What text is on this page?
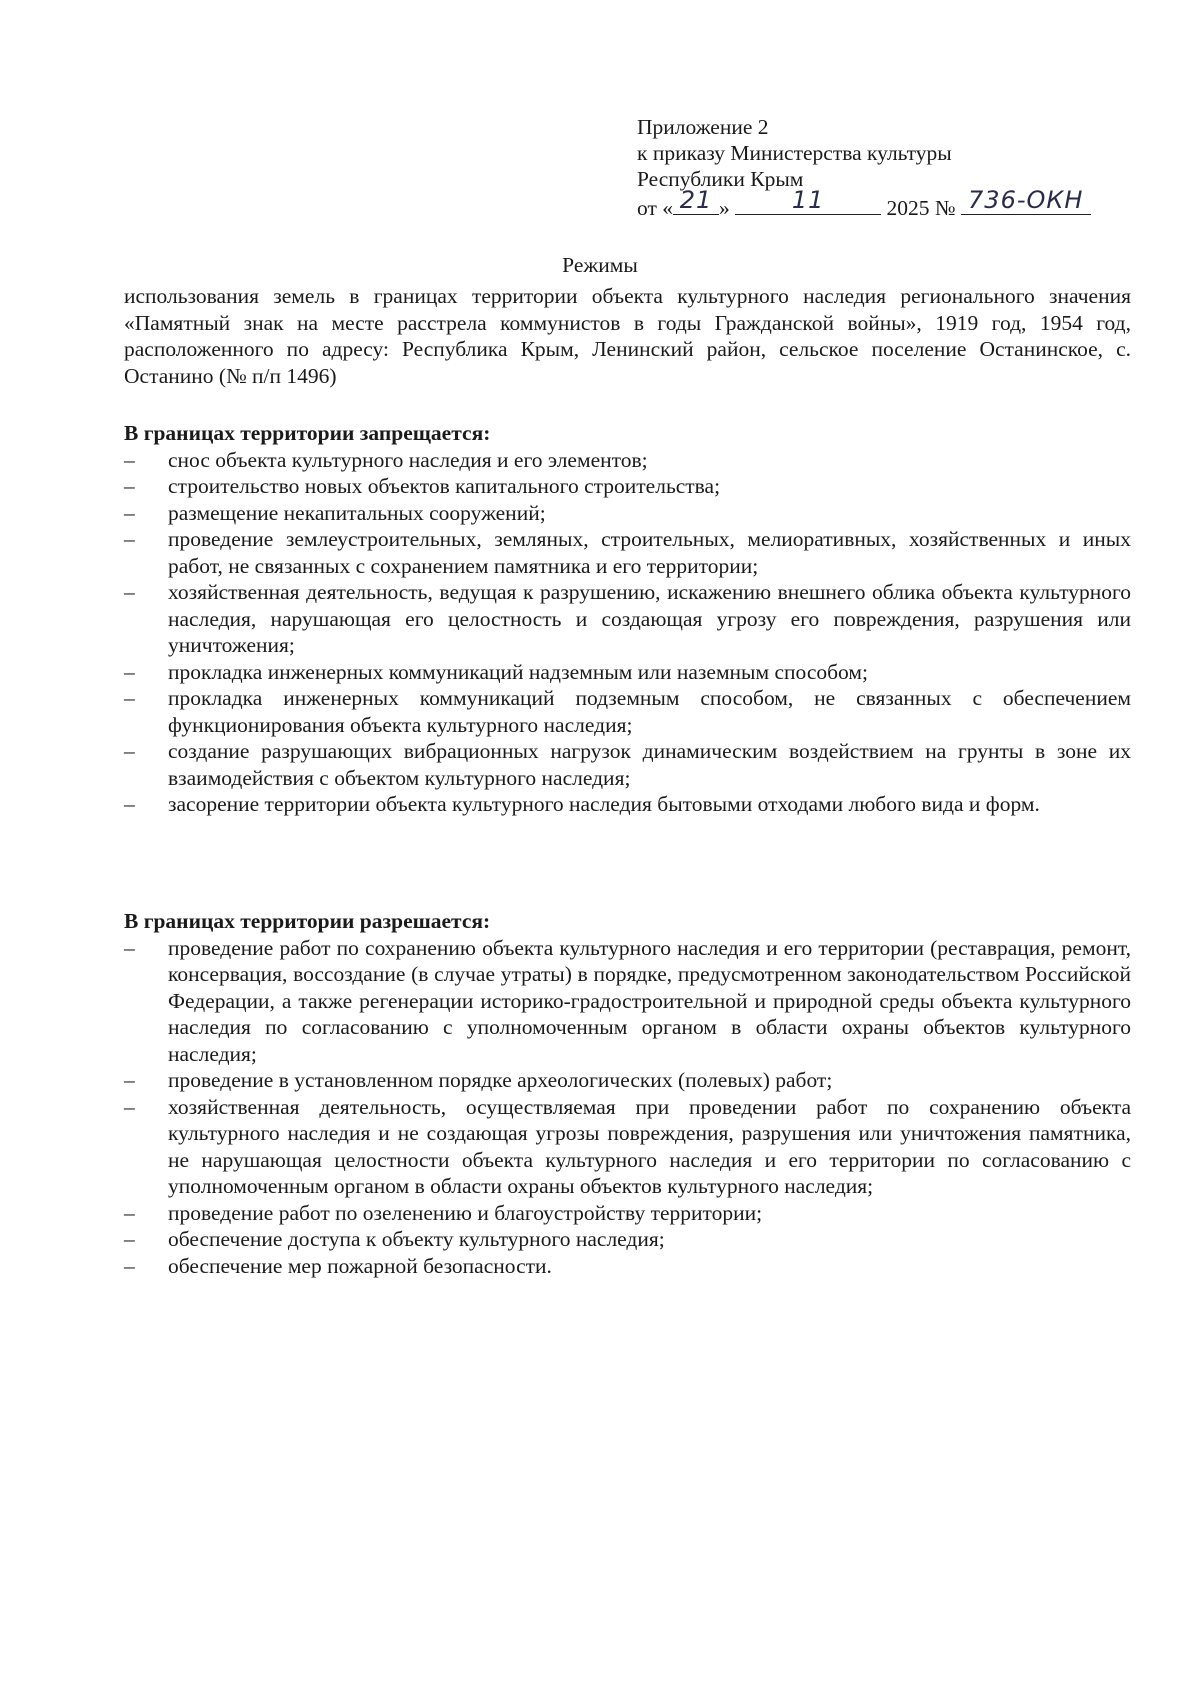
Приложение 2
к приказу Министерства культуры
Республики Крым
от « 21 »	11	2025 № 736-ОКН
Режимы
использования земель в границах территории объекта культурного наследия регионального значения «Памятный знак на месте расстрела коммунистов в годы Гражданской войны», 1919 год, 1954 год, расположенного по адресу: Республика Крым, Ленинский район, сельское поселение Останинское, с. Останино (№ п/п 1496)

В границах территории запрещается:

– снос объекта культурного наследия и его элементов;
– строительство новых объектов капитального строительства;
– размещение некапитальных сооружений;
– проведение землеустроительных, земляных, строительных, мелиоративных, хозяйственных и иных работ, не связанных с сохранением памятника и его территории;
– хозяйственная деятельность, ведущая к разрушению, искажению внешнего облика объекта культурного наследия, нарушающая его целостность и создающая угрозу его повреждения, разрушения или уничтожения;
– прокладка инженерных коммуникаций надземным или наземным способом;
– прокладка инженерных коммуникаций подземным способом, не связанных с обеспечением функционирования объекта культурного наследия;
– создание разрушающих вибрационных нагрузок динамическим воздействием на грунты в зоне их взаимодействия с объектом культурного наследия;
– засорение территории объекта культурного наследия бытовыми отходами любого вида и форм.

В границах территории разрешается:

– проведение работ по сохранению объекта культурного наследия и его территории (реставрация, ремонт, консервация, воссоздание (в случае утраты) в порядке, предусмотренном законодательством Российской Федерации, а также регенерации историко-градостроительной и природной среды объекта культурного наследия по согласованию с уполномоченным органом в области охраны объектов культурного наследия;
– проведение в установленном порядке археологических (полевых) работ;
– хозяйственная деятельность, осуществляемая при проведении работ по сохранению объекта культурного наследия и не создающая угрозы повреждения, разрушения или уничтожения памятника, не нарушающая целостности объекта культурного наследия и его территории по согласованию с уполномоченным органом в области охраны объектов культурного наследия;
– проведение работ по озеленению и благоустройству территории;
– обеспечение доступа к объекту культурного наследия;
– обеспечение мер пожарной безопасности.
